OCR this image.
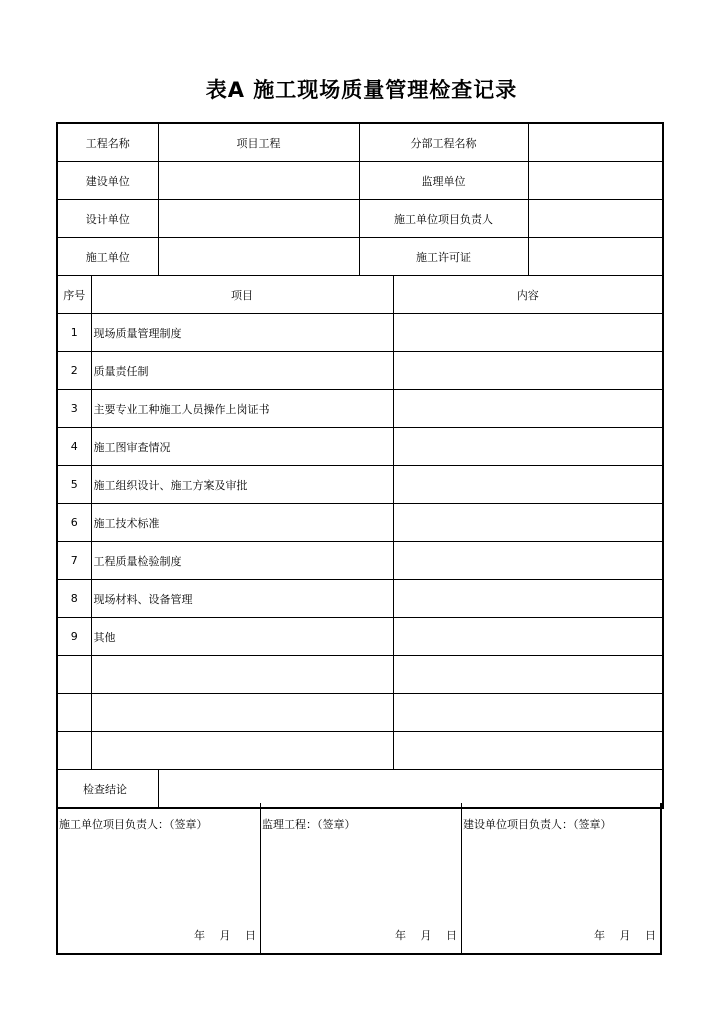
表A 施工现场质量管理检查记录
工程名称		项目工程	分部工程名称		
建设单位			监理单位		
设计单位			施工单位项目负责人		
施工单位			施工许可证		
序号	项目			内容	
1	现场质量管理制度				
2	质量责任制				
3	主要专业工种施工人员操作上岗证书				
4	施工图审查情况				
5	施工组织设计、施工方案及审批				
6	施工技术标准				
7	工程质量检验制度				
8	现场材料、设备管理				
9	其他				

检查结论					
施工单位项目负责人：（签章）
年 月 日
监理工程：（签章）
年 月 日
建设单位项目负责人：（签章）
年 月 日
